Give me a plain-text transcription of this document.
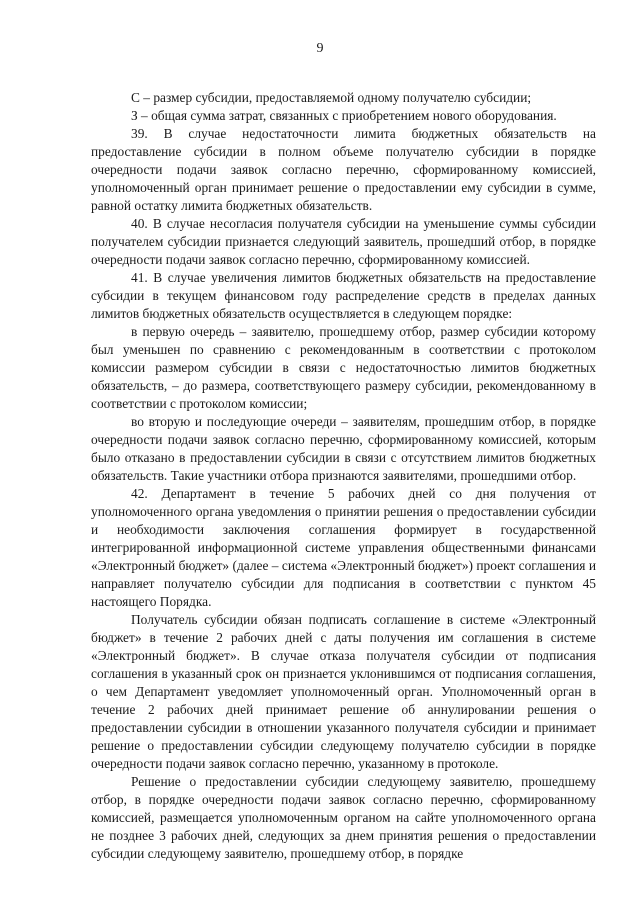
9

С – размер субсидии, предоставляемой одному получателю субсидии;

З – общая сумма затрат, связанных с приобретением нового оборудования.

39. В случае недостаточности лимита бюджетных обязательств на предоставление субсидии в полном объеме получателю субсидии в порядке очередности подачи заявок согласно перечню, сформированному комиссией, уполномоченный орган принимает решение о предоставлении ему субсидии в сумме, равной остатку лимита бюджетных обязательств.

40. В случае несогласия получателя субсидии на уменьшение суммы субсидии получателем субсидии признается следующий заявитель, прошедший отбор, в порядке очередности подачи заявок согласно перечню, сформированному комиссией.

41. В случае увеличения лимитов бюджетных обязательств на предоставление субсидии в текущем финансовом году распределение средств в пределах данных лимитов бюджетных обязательств осуществляется в следующем порядке:

в первую очередь – заявителю, прошедшему отбор, размер субсидии которому был уменьшен по сравнению с рекомендованным в соответствии с протоколом комиссии размером субсидии в связи с недостаточностью лимитов бюджетных обязательств, – до размера, соответствующего размеру субсидии, рекомендованному в соответствии с протоколом комиссии;

во вторую и последующие очереди – заявителям, прошедшим отбор, в порядке очередности подачи заявок согласно перечню, сформированному комиссией, которым было отказано в предоставлении субсидии в связи с отсутствием лимитов бюджетных обязательств. Такие участники отбора признаются заявителями, прошедшими отбор.

42. Департамент в течение 5 рабочих дней со дня получения от уполномоченного органа уведомления о принятии решения о предоставлении субсидии и необходимости заключения соглашения формирует в государственной интегрированной информационной системе управления общественными финансами «Электронный бюджет» (далее – система «Электронный бюджет») проект соглашения и направляет получателю субсидии для подписания в соответствии с пунктом 45 настоящего Порядка.

Получатель субсидии обязан подписать соглашение в системе «Электронный бюджет» в течение 2 рабочих дней с даты получения им соглашения в системе «Электронный бюджет». В случае отказа получателя субсидии от подписания соглашения в указанный срок он признается уклонившимся от подписания соглашения, о чем Департамент уведомляет уполномоченный орган. Уполномоченный орган в течение 2 рабочих дней принимает решение об аннулировании решения о предоставлении субсидии в отношении указанного получателя субсидии и принимает решение о предоставлении субсидии следующему получателю субсидии в порядке очередности подачи заявок согласно перечню, указанному в протоколе.

Решение о предоставлении субсидии следующему заявителю, прошедшему отбор, в порядке очередности подачи заявок согласно перечню, сформированному комиссией, размещается уполномоченным органом на сайте уполномоченного органа не позднее 3 рабочих дней, следующих за днем принятия решения о предоставлении субсидии следующему заявителю, прошедшему отбор, в порядке
